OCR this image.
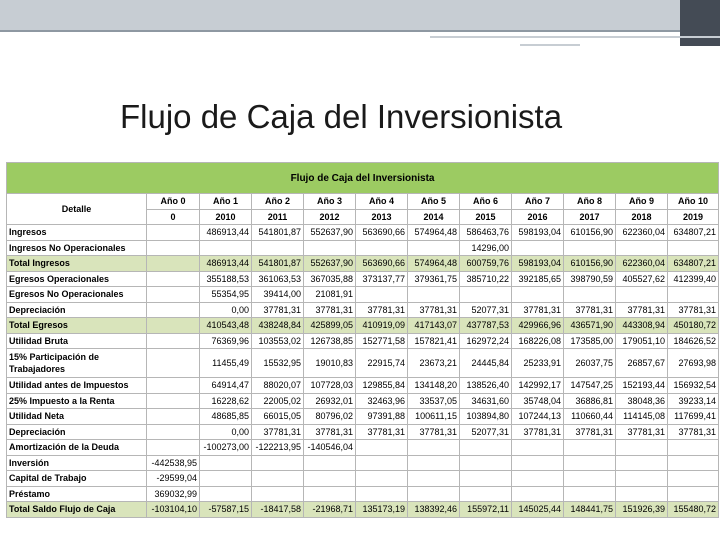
Flujo de Caja del Inversionista
Flujo de Caja del Inversionista											
Detalle	Año 0	Año 1	Año 2	Año 3	Año 4	Año 5	Año 6	Año 7	Año 8	Año 9	Año 10
	0	2010	2011	2012	2013	2014	2015	2016	2017	2018	2019
Ingresos		486913,44	541801,87	552637,90	563690,66	574964,48	586463,76	598193,04	610156,90	622360,04	634807,21
Ingresos No Operacionales							14296,00				
Total Ingresos		486913,44	541801,87	552637,90	563690,66	574964,48	600759,76	598193,04	610156,90	622360,04	634807,21
Egresos Operacionales		355188,53	361063,53	367035,88	373137,77	379361,75	385710,22	392185,65	398790,59	405527,62	412399,40
Egresos No Operacionales		55354,95	39414,00	21081,91							
Depreciación		0,00	37781,31	37781,31	37781,31	37781,31	52077,31	37781,31	37781,31	37781,31	37781,31
Total Egresos		410543,48	438248,84	425899,05	410919,09	417143,07	437787,53	429966,96	436571,90	443308,94	450180,72
Utilidad Bruta		76369,96	103553,02	126738,85	152771,58	157821,41	162972,24	168226,08	173585,00	179051,10	184626,52
15% Participación de Trabajadores		11455,49	15532,95	19010,83	22915,74	23673,21	24445,84	25233,91	26037,75	26857,67	27693,98
Utilidad antes de Impuestos		64914,47	88020,07	107728,03	129855,84	134148,20	138526,40	142992,17	147547,25	152193,44	156932,54
25% Impuesto a la Renta		16228,62	22005,02	26932,01	32463,96	33537,05	34631,60	35748,04	36886,81	38048,36	39233,14
Utilidad Neta		48685,85	66015,05	80796,02	97391,88	100611,15	103894,80	107244,13	110660,44	114145,08	117699,41
Depreciación		0,00	37781,31	37781,31	37781,31	37781,31	52077,31	37781,31	37781,31	37781,31	37781,31
Amortización de la Deuda		-100273,00	-122213,95	-140546,04							
Inversión	-442538,95										
Capital de Trabajo	-29599,04										
Préstamo	369032,99										
Total Saldo Flujo de Caja	-103104,10	-57587,15	-18417,58	-21968,71	135173,19	138392,46	155972,11	145025,44	148441,75	151926,39	155480,72
